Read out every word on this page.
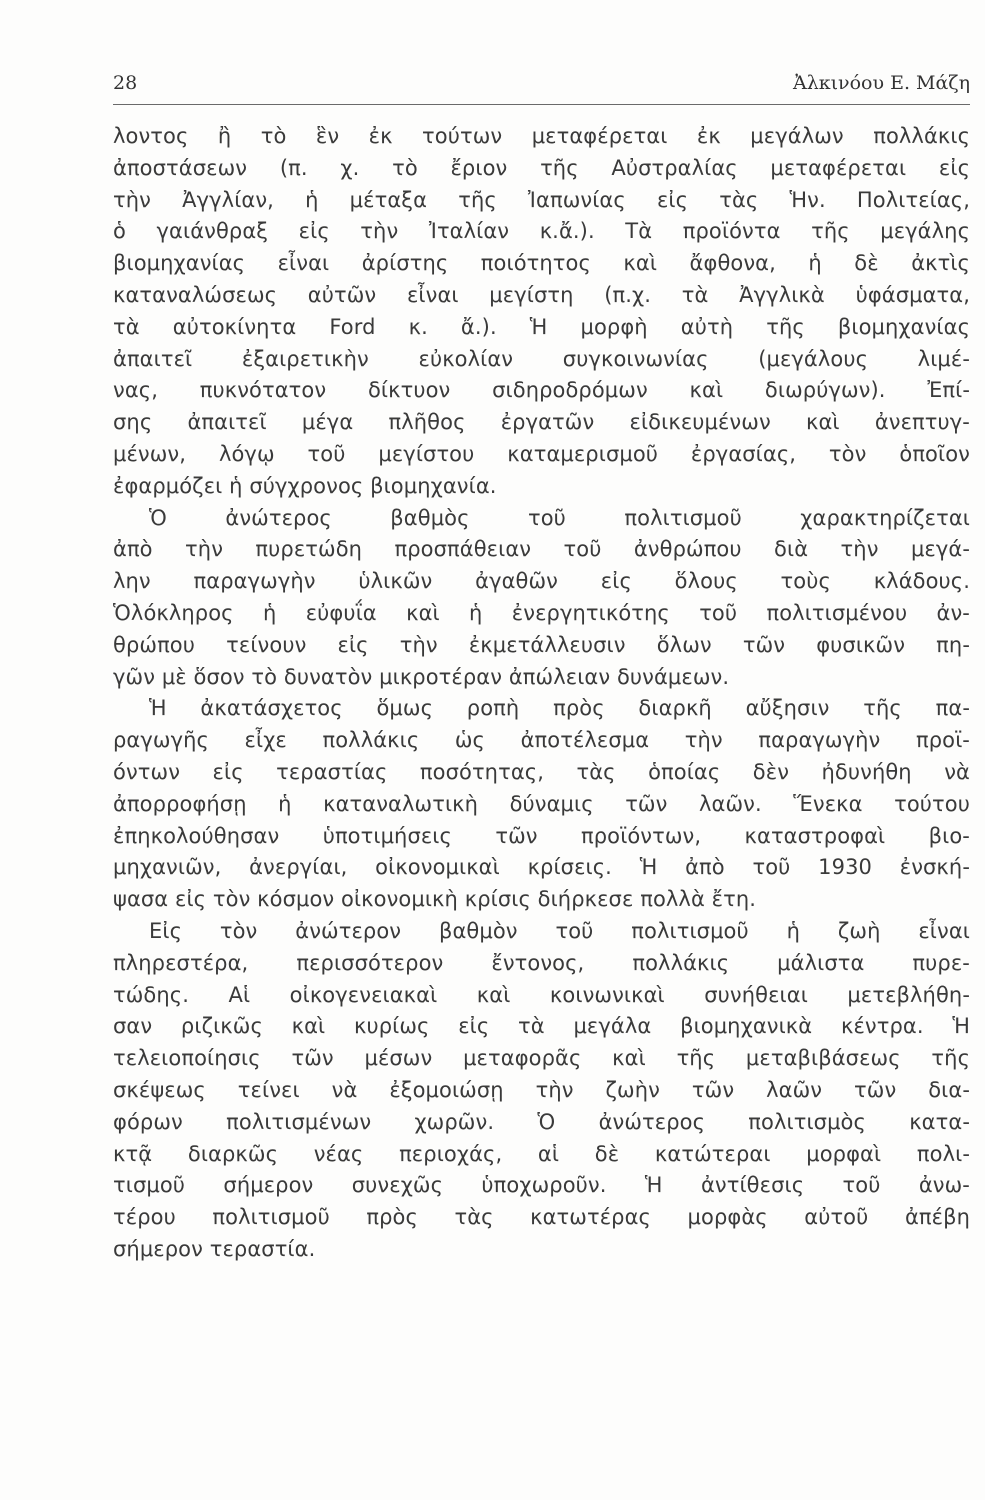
28	Ἀλκινόου Ε. Μάζη
λοντος ἢ τὸ ἓν ἐκ τούτων μεταφέρεται ἐκ μεγάλων πολλάκις
ἀποστάσεων (π. χ. τὸ ἔριον τῆς Αὐστραλίας μεταφέρεται εἰς
τὴν Ἀγγλίαν, ἡ μέταξα τῆς Ἰαπωνίας εἰς τὰς Ἡν. Πολιτείας,
ὁ γαιάνθραξ εἰς τὴν Ἰταλίαν κ.ἄ.). Τὰ προϊόντα τῆς μεγάλης
βιομηχανίας εἶναι ἀρίστης ποιότητος καὶ ἄφθονα, ἡ δὲ ἀκτὶς
καταναλώσεως αὐτῶν εἶναι μεγίστη (π.χ. τὰ Ἀγγλικὰ ὑφάσματα,
τὰ αὐτοκίνητα Ford κ. ἄ.). Ἡ μορφὴ αὐτὴ τῆς βιομηχανίας
ἀπαιτεῖ ἐξαιρετικὴν εὐκολίαν συγκοινωνίας (μεγάλους λιμέ-
νας, πυκνότατον δίκτυον σιδηροδρόμων καὶ διωρύγων). Ἐπί-
σης ἀπαιτεῖ μέγα πλῆθος ἐργατῶν εἰδικευμένων καὶ ἀνεπτυγ-
μένων, λόγῳ τοῦ μεγίστου καταμερισμοῦ ἐργασίας, τὸν ὁποῖον
ἐφαρμόζει ἡ σύγχρονος βιομηχανία.
Ὁ ἀνώτερος βαθμὸς τοῦ πολιτισμοῦ χαρακτηρίζεται
ἀπὸ τὴν πυρετώδη προσπάθειαν τοῦ ἀνθρώπου διὰ τὴν μεγά-
λην παραγωγὴν ὑλικῶν ἀγαθῶν εἰς ὅλους τοὺς κλάδους.
Ὁλόκληρος ἡ εὐφυΐα καὶ ἡ ἐνεργητικότης τοῦ πολιτισμένου ἀν-
θρώπου τείνουν εἰς τὴν ἐκμετάλλευσιν ὅλων τῶν φυσικῶν πη-
γῶν μὲ ὅσον τὸ δυνατὸν μικροτέραν ἀπώλειαν δυνάμεων.
Ἡ ἀκατάσχετος ὅμως ροπὴ πρὸς διαρκῆ αὔξησιν τῆς πα-
ραγωγῆς εἶχε πολλάκις ὡς ἀποτέλεσμα τὴν παραγωγὴν προϊ-
όντων εἰς τεραστίας ποσότητας, τὰς ὁποίας δὲν ἠδυνήθη νὰ
ἀπορροφήσῃ ἡ καταναλωτικὴ δύναμις τῶν λαῶν. Ἕνεκα τούτου
ἐπηκολούθησαν ὑποτιμήσεις τῶν προϊόντων, καταστροφαὶ βιο-
μηχανιῶν, ἀνεργίαι, οἰκονομικαὶ κρίσεις. Ἡ ἀπὸ τοῦ 1930 ἐνσκή-
ψασα εἰς τὸν κόσμον οἰκονομικὴ κρίσις διήρκεσε πολλὰ ἔτη.
Εἰς τὸν ἀνώτερον βαθμὸν τοῦ πολιτισμοῦ ἡ ζωὴ εἶναι
πληρεστέρα, περισσότερον ἔντονος, πολλάκις μάλιστα πυρε-
τώδης. Αἱ οἰκογενειακαὶ καὶ κοινωνικαὶ συνήθειαι μετεβλήθη-
σαν ριζικῶς καὶ κυρίως εἰς τὰ μεγάλα βιομηχανικὰ κέντρα. Ἡ
τελειοποίησις τῶν μέσων μεταφορᾶς καὶ τῆς μεταβιβάσεως τῆς
σκέψεως τείνει νὰ ἐξομοιώσῃ τὴν ζωὴν τῶν λαῶν τῶν δια-
φόρων πολιτισμένων χωρῶν. Ὁ ἀνώτερος πολιτισμὸς κατα-
κτᾷ διαρκῶς νέας περιοχάς, αἱ δὲ κατώτεραι μορφαὶ πολι-
τισμοῦ σήμερον συνεχῶς ὑποχωροῦν. Ἡ ἀντίθεσις τοῦ ἀνω-
τέρου πολιτισμοῦ πρὸς τὰς κατωτέρας μορφὰς αὐτοῦ ἀπέβη
σήμερον τεραστία.
